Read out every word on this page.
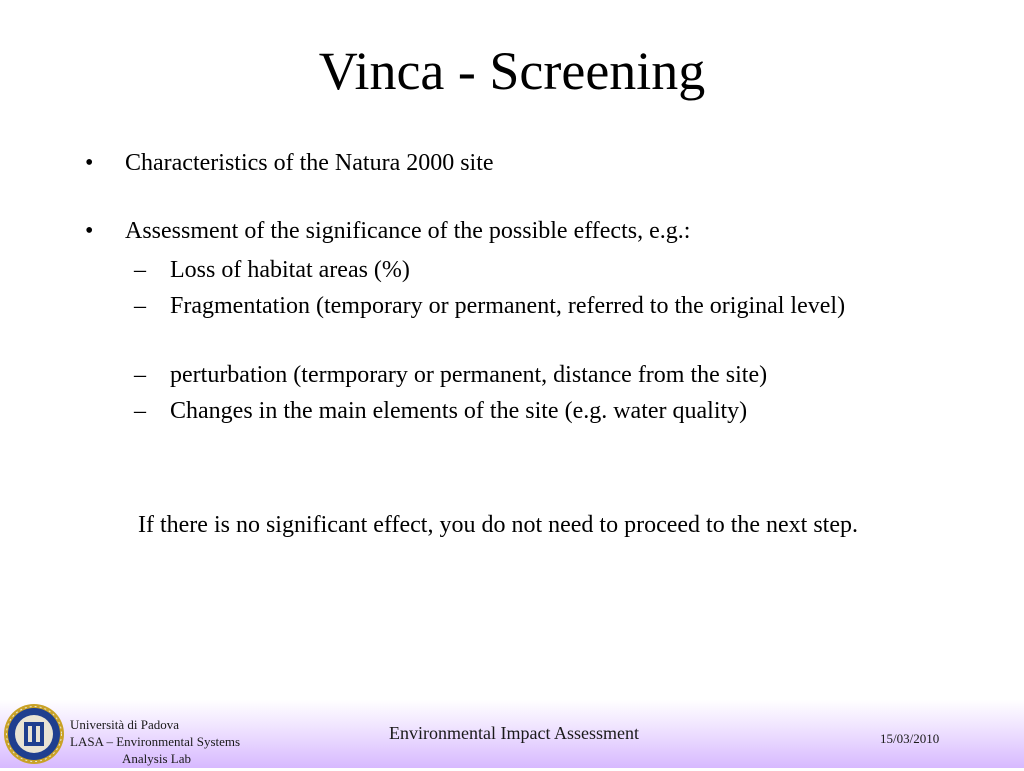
Vinca - Screening
• Characteristics of the Natura 2000 site
• Assessment of the significance of the possible effects, e.g.:
– Loss of habitat areas (%)
– Fragmentation (temporary or permanent, referred to the original level)
– perturbation (termporary or permanent, distance from the site)
– Changes in the main elements of the site (e.g. water quality)
If there is no significant effect, you do not need to proceed to the next step.
Università di Padova
LASA – Environmental Systems
Analysis Lab
Environmental Impact Assessment	15/03/2010
